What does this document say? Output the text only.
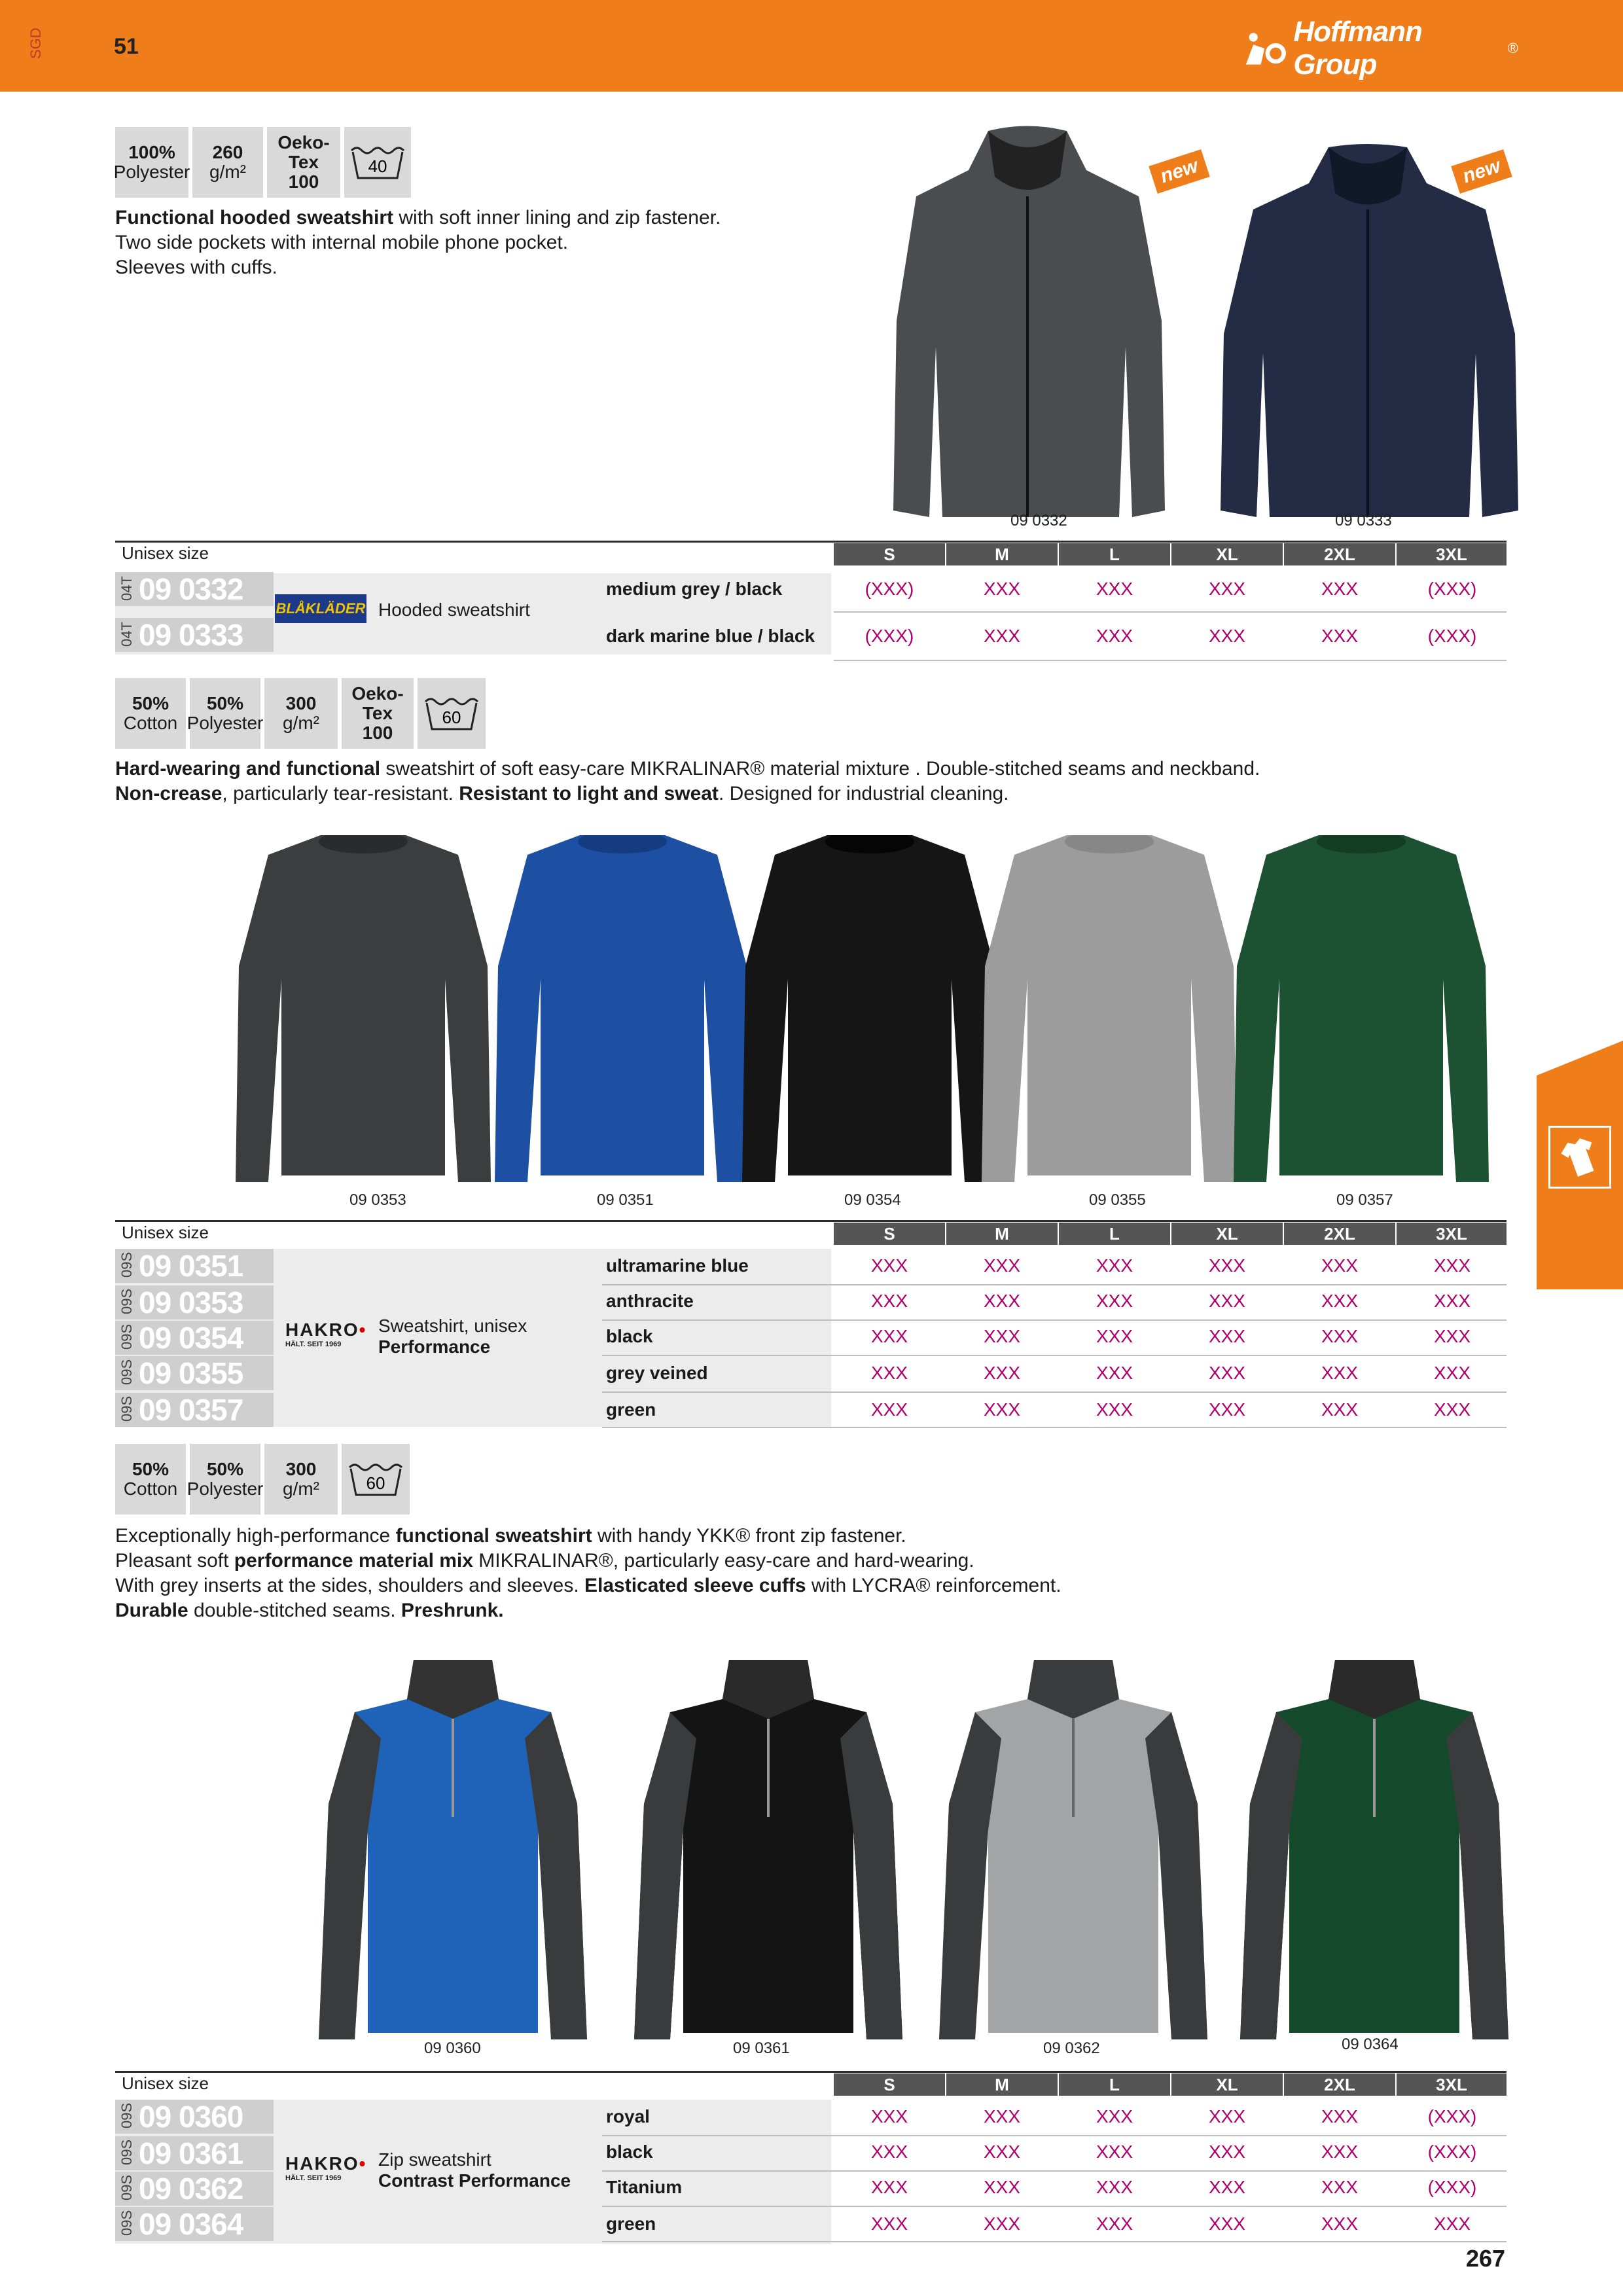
SGD	51	Hoffmann Group
®
100%
Polyester
260
g/m²
Oeko-
Tex
100
40
Functional hooded sweatshirt with soft inner lining and zip fastener.
Two side pockets with internal mobile phone pocket.
Sleeves with cuffs.
new	new
09 0332	09 0333
Unisex size	S	M	L	XL	2XL	3XL
BLÅKLÄDER Hooded sweatshirt
04T 09 0332	medium grey / black	(XXX)	XXX	XXX	XXX	XXX	(XXX)
04T 09 0333	dark marine blue / black	(XXX)	XXX	XXX	XXX	XXX	(XXX)
50%
Cotton
50%
Polyester
300
g/m²
Oeko-
Tex
100
60
Hard-wearing and functional sweatshirt of soft easy-care MIKRALINAR® material mixture . Double-stitched seams and neckband.
Non-crease, particularly tear-resistant. Resistant to light and sweat. Designed for industrial cleaning.
09 0353	09 0351	09 0354	09 0355	09 0357
Unisex size	S	M	L	XL	2XL	3XL
HAKRO•
HÄLT. SEIT 1969
Sweatshirt, unisex
Performance
09S 09 0351	ultramarine blue	XXX	XXX	XXX	XXX	XXX	XXX
09S 09 0353	anthracite	XXX	XXX	XXX	XXX	XXX	XXX
09S 09 0354	black	XXX	XXX	XXX	XXX	XXX	XXX
09S 09 0355	grey veined	XXX	XXX	XXX	XXX	XXX	XXX
09S 09 0357	green	XXX	XXX	XXX	XXX	XXX	XXX
50%
Cotton
50%
Polyester
300
g/m²	60
Exceptionally high-performance functional sweatshirt with handy YKK® front zip fastener.
Pleasant soft performance material mix MIKRALINAR®, particularly easy-care and hard-wearing.
With grey inserts at the sides, shoulders and sleeves. Elasticated sleeve cuffs with LYCRA® reinforcement.
Durable double-stitched seams. Preshrunk.
09 0360	09 0361	09 0362	09 0364
Unisex size	S	M	L	XL	2XL	3XL
HAKRO•
HÄLT. SEIT 1969
Zip sweatshirt
Contrast Performance
09S 09 0360	royal	XXX	XXX	XXX	XXX	XXX	(XXX)
09S 09 0361	black	XXX	XXX	XXX	XXX	XXX	(XXX)
09S 09 0362	Titanium	XXX	XXX	XXX	XXX	XXX	(XXX)
09S 09 0364	green	XXX	XXX	XXX	XXX	XXX	XXX
267
